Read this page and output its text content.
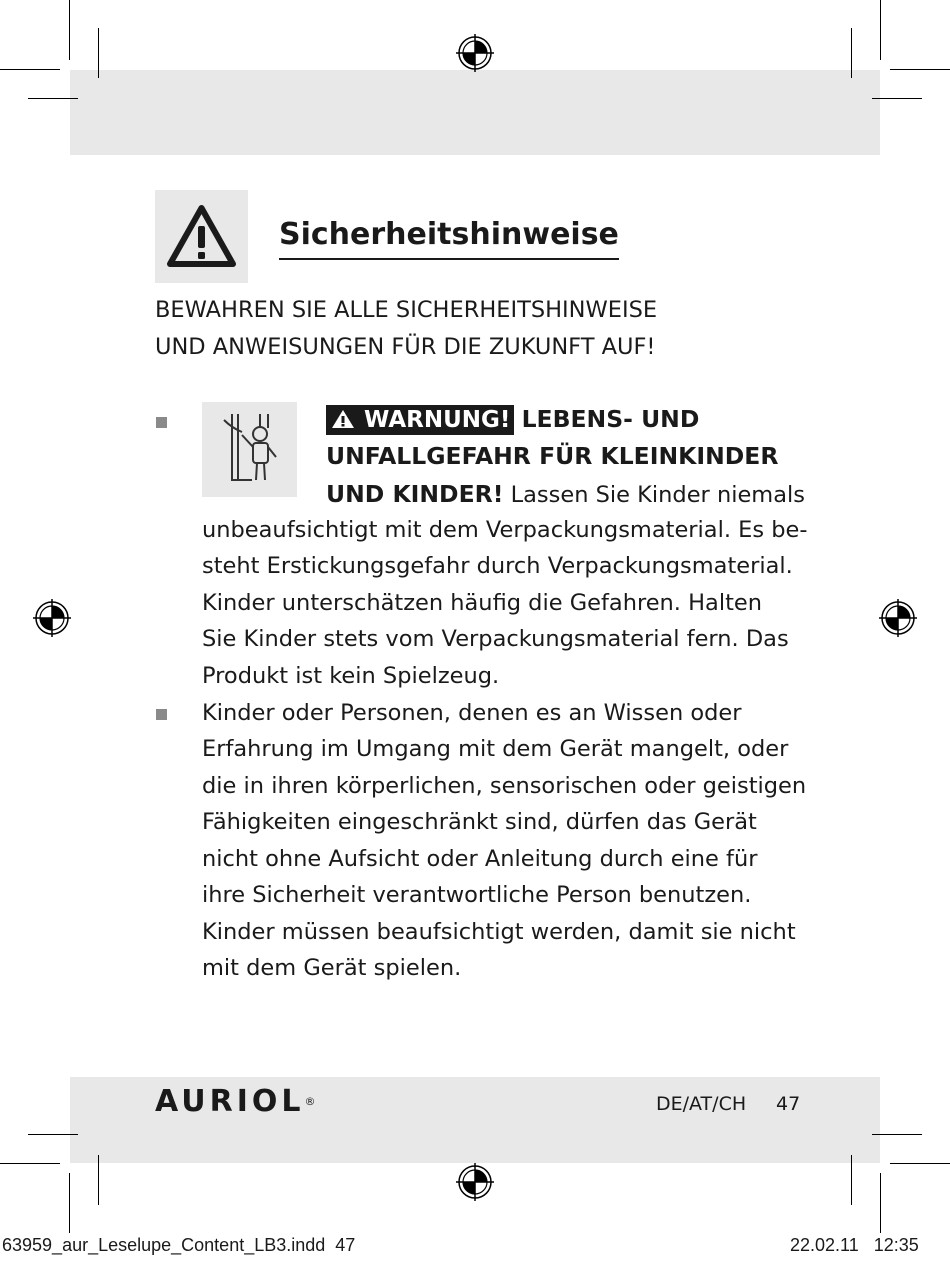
Sicherheitshinweise
BEWAHREN SIE ALLE SICHERHEITSHINWEISE
UND ANWEISUNGEN FÜR DIE ZUKUNFT AUF!
WARNUNG! LEBENS- UND
UNFALLGEFAHR FÜR KLEINKINDER
UND KINDER! Lassen Sie Kinder niemals
unbeaufsichtigt mit dem Verpackungsmaterial. Es be-
steht Erstickungsgefahr durch Verpackungsmaterial.
Kinder unterschätzen häufig die Gefahren. Halten
Sie Kinder stets vom Verpackungsmaterial fern. Das
Produkt ist kein Spielzeug.
Kinder oder Personen, denen es an Wissen oder
Erfahrung im Umgang mit dem Gerät mangelt, oder
die in ihren körperlichen, sensorischen oder geistigen
Fähigkeiten eingeschränkt sind, dürfen das Gerät
nicht ohne Aufsicht oder Anleitung durch eine für
ihre Sicherheit verantwortliche Person benutzen.
Kinder müssen beaufsichtigt werden, damit sie nicht
mit dem Gerät spielen.
AURIOL®	DE/AT/CH 47
63959_aur_Leselupe_Content_LB3.indd 47	22.02.11 12:35
